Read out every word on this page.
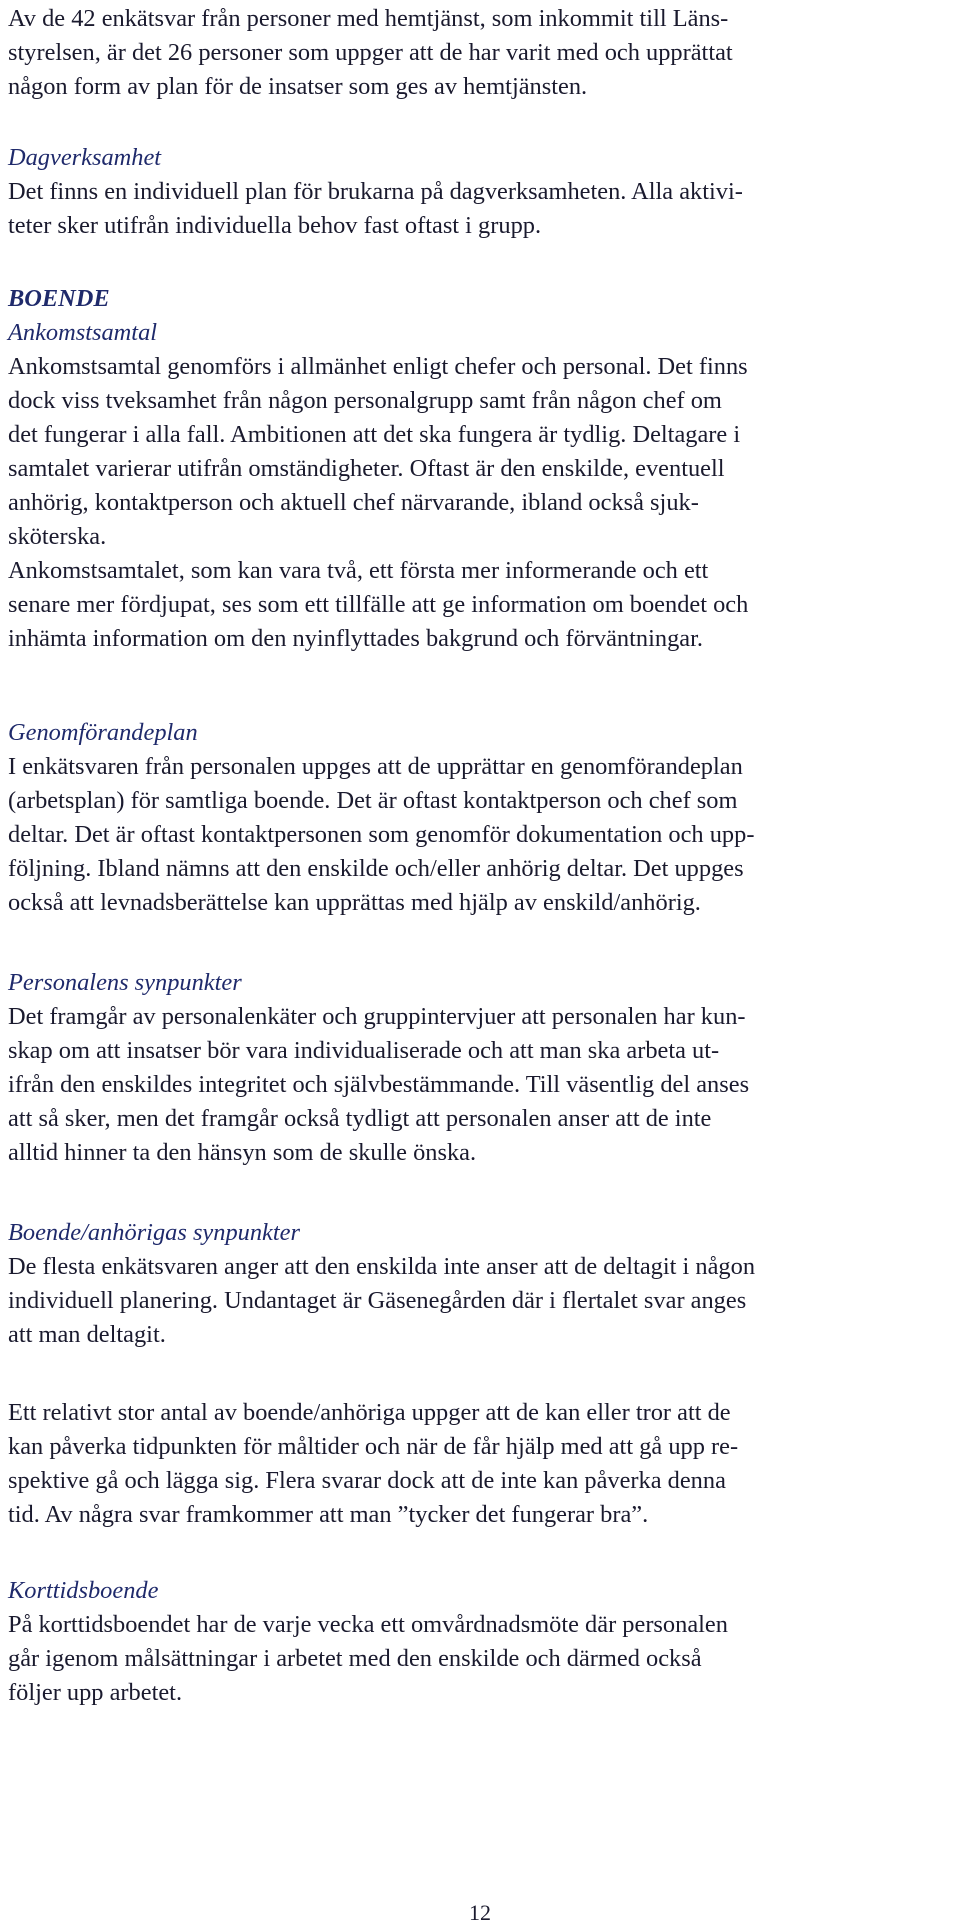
Av de 42 enkätsvar från personer med hemtjänst, som inkommit till Läns-
styrelsen, är det 26 personer som uppger att de har varit med och upprättat
någon form av plan för de insatser som ges av hemtjänsten.
Dagverksamhet
Det finns en individuell plan för brukarna på dagverksamheten. Alla aktivi-
teter sker utifrån individuella behov fast oftast i grupp.
BOENDE
Ankomstsamtal
Ankomstsamtal genomförs i allmänhet enligt chefer och personal. Det finns
dock viss tveksamhet från någon personalgrupp samt från någon chef om
det fungerar i alla fall. Ambitionen att det ska fungera är tydlig. Deltagare i
samtalet varierar utifrån omständigheter. Oftast är den enskilde, eventuell
anhörig, kontaktperson och aktuell chef närvarande, ibland också sjuk-
sköterska.
Ankomstsamtalet, som kan vara två, ett första mer informerande och ett
senare mer fördjupat, ses som ett tillfälle att ge information om boendet och
inhämta information om den nyinflyttades bakgrund och förväntningar.
Genomförandeplan
I enkätsvaren från personalen uppges att de upprättar en genomförandeplan
(arbetsplan) för samtliga boende. Det är oftast kontaktperson och chef som
deltar. Det är oftast kontaktpersonen som genomför dokumentation och upp-
följning. Ibland nämns att den enskilde och/eller anhörig deltar. Det uppges
också att levnadsberättelse kan upprättas med hjälp av enskild/anhörig.
Personalens synpunkter
Det framgår av personalenkäter och gruppintervjuer att personalen har kun-
skap om att insatser bör vara individualiserade och att man ska arbeta ut-
ifrån den enskildes integritet och självbestämmande. Till väsentlig del anses
att så sker, men det framgår också tydligt att personalen anser att de inte
alltid hinner ta den hänsyn som de skulle önska.
Boende/anhörigas synpunkter
De flesta enkätsvaren anger att den enskilda inte anser att de deltagit i någon
individuell planering. Undantaget är Gäsenegården där i flertalet svar anges
att man deltagit.
Ett relativt stor antal av boende/anhöriga uppger att de kan eller tror att de
kan påverka tidpunkten för måltider och när de får hjälp med att gå upp re-
spektive gå och lägga sig. Flera svarar dock att de inte kan påverka denna
tid. Av några svar framkommer att man ”tycker det fungerar bra”.
Korttidsboende
På korttidsboendet har de varje vecka ett omvårdnadsmöte där personalen
går igenom målsättningar i arbetet med den enskilde och därmed också
följer upp arbetet.
12
